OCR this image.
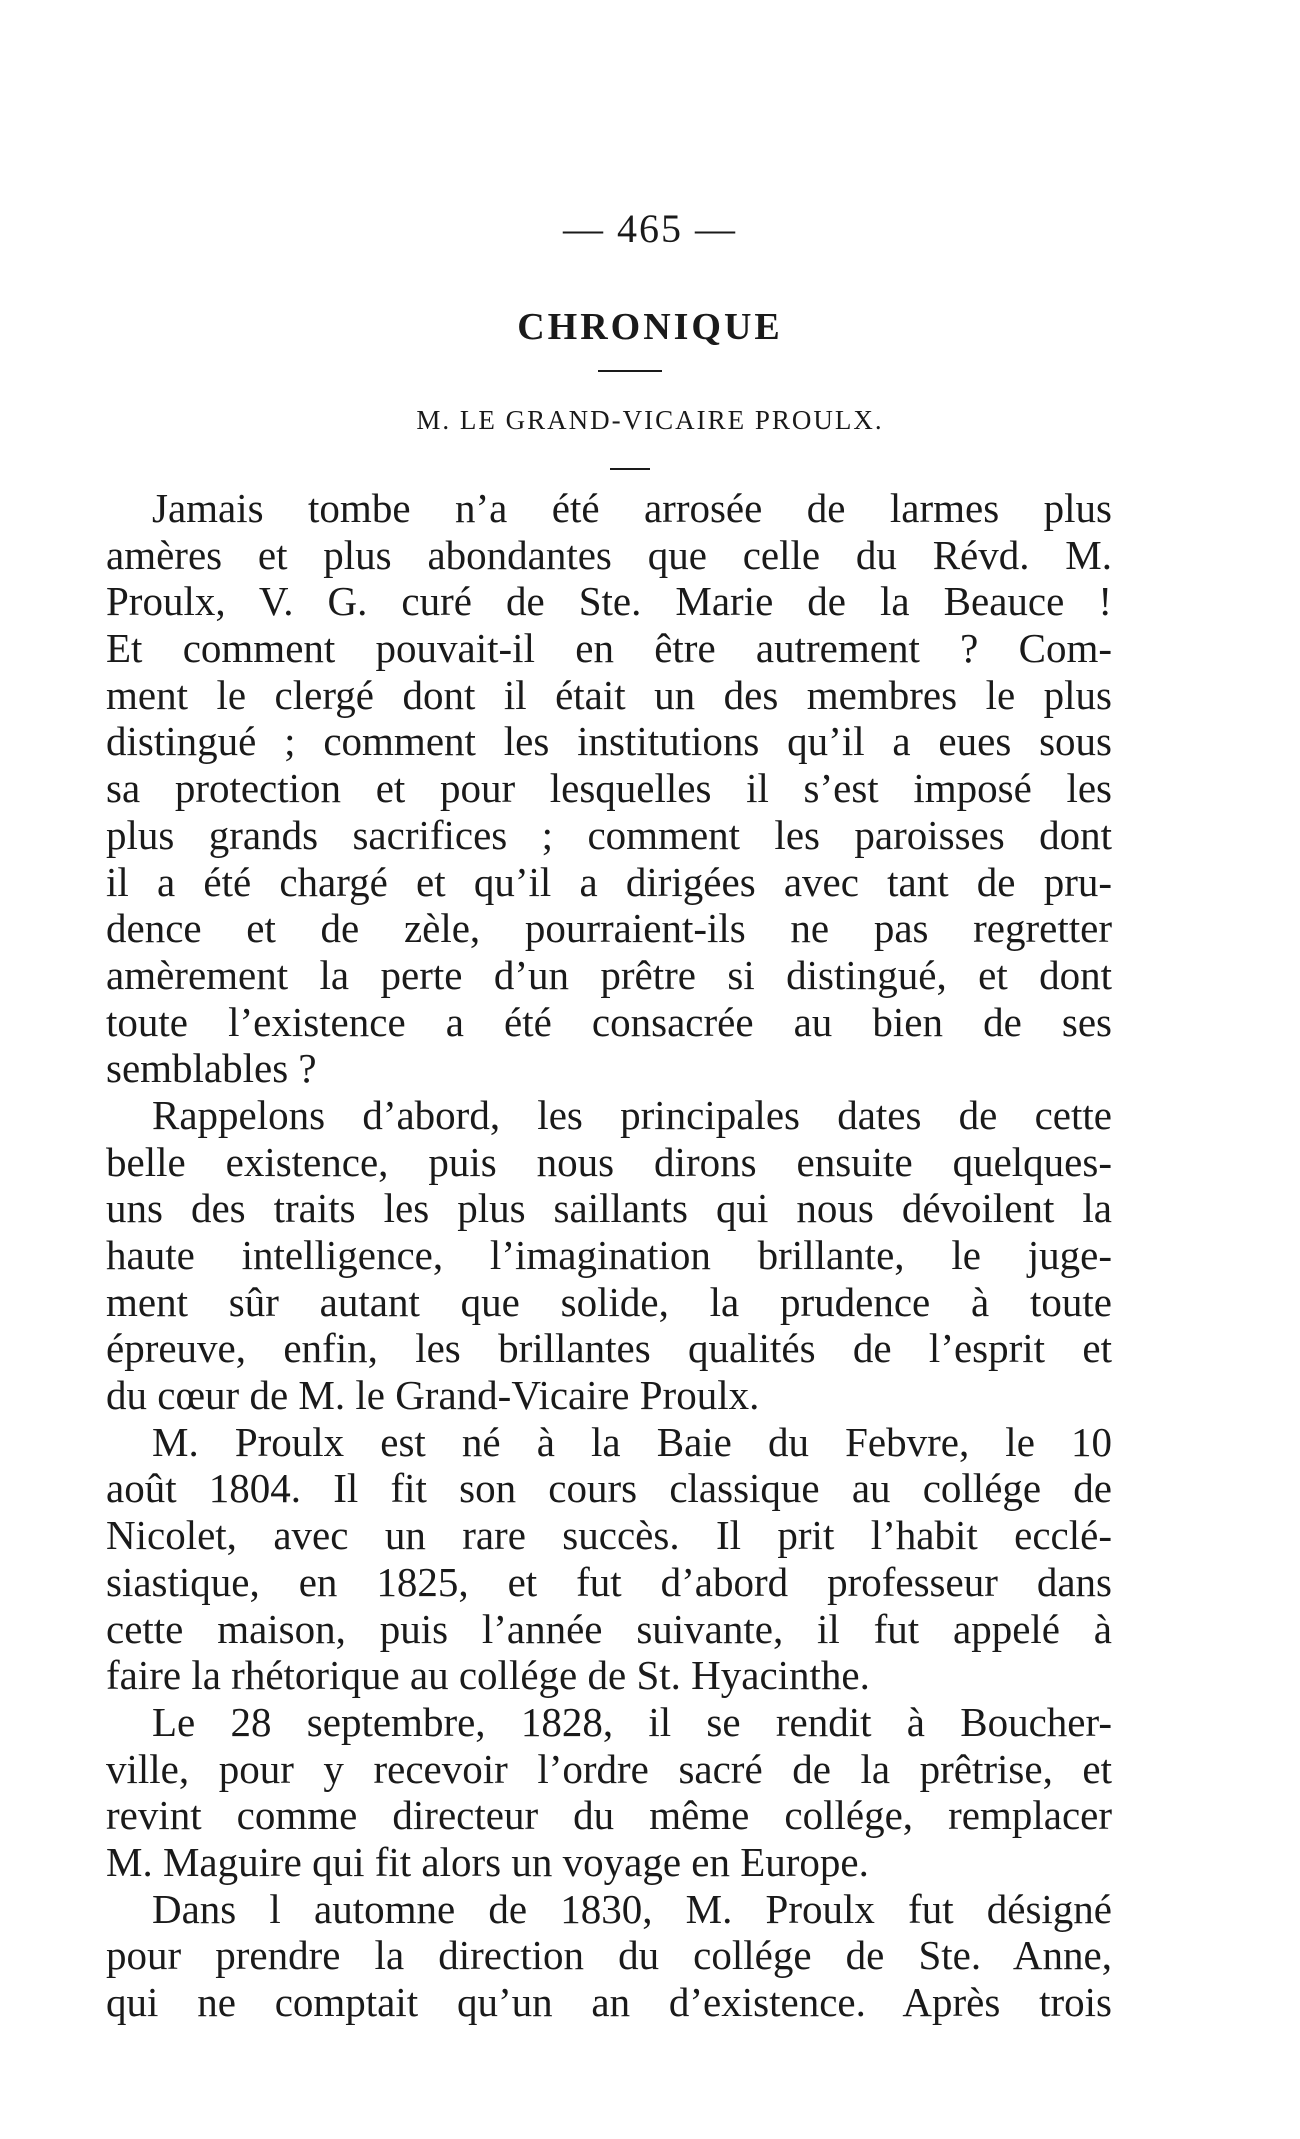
— 465 —
CHRONIQUE
M. LE GRAND-VICAIRE PROULX.
Jamais tombe n’a été arrosée de larmes plus
amères et plus abondantes que celle du Révd. M.
Proulx, V. G. curé de Ste. Marie de la Beauce !
Et comment pouvait-il en être autrement ? Com-
ment le clergé dont il était un des membres le plus
distingué ; comment les institutions qu’il a eues sous
sa protection et pour lesquelles il s’est imposé les
plus grands sacrifices ; comment les paroisses dont
il a été chargé et qu’il a dirigées avec tant de pru-
dence et de zèle, pourraient-ils ne pas regretter
amèrement la perte d’un prêtre si distingué, et dont
toute l’existence a été consacrée au bien de ses
semblables ?
Rappelons d’abord, les principales dates de cette
belle existence, puis nous dirons ensuite quelques-
uns des traits les plus saillants qui nous dévoilent la
haute intelligence, l’imagination brillante, le juge-
ment sûr autant que solide, la prudence à toute
épreuve, enfin, les brillantes qualités de l’esprit et
du cœur de M. le Grand-Vicaire Proulx.
M. Proulx est né à la Baie du Febvre, le 10
août 1804. Il fit son cours classique au collége de
Nicolet, avec un rare succès. Il prit l’habit ecclé-
siastique, en 1825, et fut d’abord professeur dans
cette maison, puis l’année suivante, il fut appelé à
faire la rhétorique au collége de St. Hyacinthe.
Le 28 septembre, 1828, il se rendit à Boucher-
ville, pour y recevoir l’ordre sacré de la prêtrise, et
revint comme directeur du même collége, remplacer
M. Maguire qui fit alors un voyage en Europe.
Dans l automne de 1830, M. Proulx fut désigné
pour prendre la direction du collége de Ste. Anne,
qui ne comptait qu’un an d’existence. Après trois
